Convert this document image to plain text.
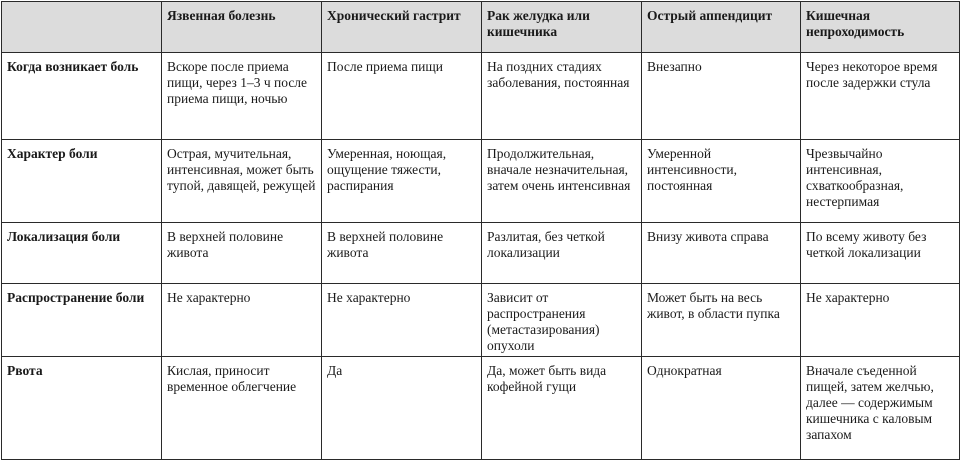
	Язвенная болезнь	Хронический гастрит	Рак желудка или кишечника	Острый аппендицит	Кишечная непроходимость
Когда возникает боль	Вскоре после приема пищи, через 1–3 ч после приема пищи, ночью	После приема пищи	На поздних стадиях заболевания, постоянная	Внезапно	Через некоторое время после задержки стула
Характер боли	Острая, мучительная, интенсивная, может быть тупой, давящей, режущей	Умеренная, ноющая, ощущение тяжести, распирания	Продолжительная, вначале незначительная, затем очень интенсивная	Умеренной интенсивности, постоянная	Чрезвычайно интенсивная, схваткообразная, нестерпимая
Локализация боли	В верхней половине живота	В верхней половине живота	Разлитая, без четкой локализации	Внизу живота справа	По всему животу без четкой локализации
Распространение боли	Не характерно	Не характерно	Зависит от распространения (метастазирования) опухоли	Может быть на весь живот, в области пупка	Не характерно
Рвота	Кислая, приносит временное облегчение	Да	Да, может быть вида кофейной гущи	Однократная	Вначале съеденной пищей, затем желчью, далее — содержимым кишечника с каловым запахом
